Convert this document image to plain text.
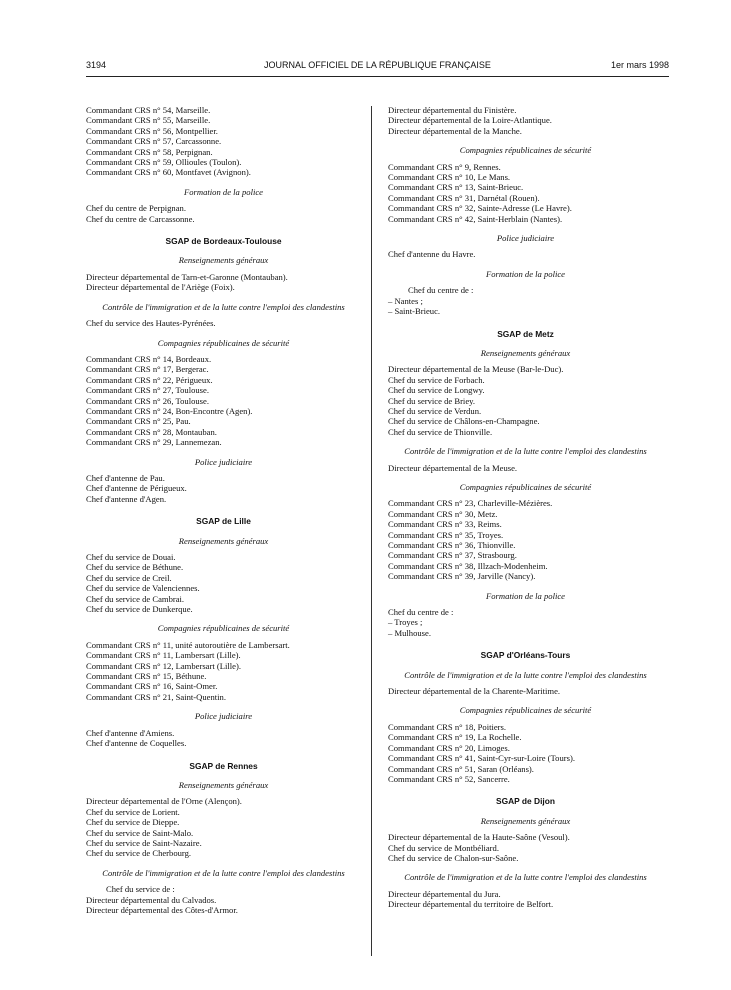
3194	JOURNAL OFFICIEL DE LA RÉPUBLIQUE FRANÇAISE	1er mars 1998
Commandant CRS n° 54, Marseille.
Commandant CRS n° 55, Marseille.
Commandant CRS n° 56, Montpellier.
Commandant CRS n° 57, Carcassonne.
Commandant CRS n° 58, Perpignan.
Commandant CRS n° 59, Ollioules (Toulon).
Commandant CRS n° 60, Montfavet (Avignon).
Formation de la police
Chef du centre de Perpignan.
Chef du centre de Carcassonne.
SGAP de Bordeaux-Toulouse
Renseignements généraux
Directeur départemental de Tarn-et-Garonne (Montauban).
Directeur départemental de l'Ariège (Foix).
Contrôle de l'immigration et de la lutte contre l'emploi des clandestins
Chef du service des Hautes-Pyrénées.
Compagnies républicaines de sécurité
Commandant CRS n° 14, Bordeaux.
Commandant CRS n° 17, Bergerac.
Commandant CRS n° 22, Périgueux.
Commandant CRS n° 27, Toulouse.
Commandant CRS n° 26, Toulouse.
Commandant CRS n° 24, Bon-Encontre (Agen).
Commandant CRS n° 25, Pau.
Commandant CRS n° 28, Montauban.
Commandant CRS n° 29, Lannemezan.
Police judiciaire
Chef d'antenne de Pau.
Chef d'antenne de Périgueux.
Chef d'antenne d'Agen.
SGAP de Lille
Renseignements généraux
Chef du service de Douai.
Chef du service de Béthune.
Chef du service de Creil.
Chef du service de Valenciennes.
Chef du service de Cambrai.
Chef du service de Dunkerque.
Compagnies républicaines de sécurité
Commandant CRS n° 11, unité autoroutière de Lambersart.
Commandant CRS n° 11, Lambersart (Lille).
Commandant CRS n° 12, Lambersart (Lille).
Commandant CRS n° 15, Béthune.
Commandant CRS n° 16, Saint-Omer.
Commandant CRS n° 21, Saint-Quentin.
Police judiciaire
Chef d'antenne d'Amiens.
Chef d'antenne de Coquelles.
SGAP de Rennes
Renseignements généraux
Directeur départemental de l'Orne (Alençon).
Chef du service de Lorient.
Chef du service de Dieppe.
Chef du service de Saint-Malo.
Chef du service de Saint-Nazaire.
Chef du service de Cherbourg.
Contrôle de l'immigration et de la lutte contre l'emploi des clandestins
Chef du service de :
Directeur départemental du Calvados.
Directeur départemental des Côtes-d'Armor.
Directeur départemental du Finistère.
Directeur départemental de la Loire-Atlantique.
Directeur départemental de la Manche.
Compagnies républicaines de sécurité
Commandant CRS n° 9, Rennes.
Commandant CRS n° 10, Le Mans.
Commandant CRS n° 13, Saint-Brieuc.
Commandant CRS n° 31, Darnétal (Rouen).
Commandant CRS n° 32, Sainte-Adresse (Le Havre).
Commandant CRS n° 42, Saint-Herblain (Nantes).
Police judiciaire
Chef d'antenne du Havre.
Formation de la police
Chef du centre de :
– Nantes ;
– Saint-Brieuc.
SGAP de Metz
Renseignements généraux
Directeur départemental de la Meuse (Bar-le-Duc).
Chef du service de Forbach.
Chef du service de Longwy.
Chef du service de Briey.
Chef du service de Verdun.
Chef du service de Châlons-en-Champagne.
Chef du service de Thionville.
Contrôle de l'immigration et de la lutte contre l'emploi des clandestins
Directeur départemental de la Meuse.
Compagnies républicaines de sécurité
Commandant CRS n° 23, Charleville-Mézières.
Commandant CRS n° 30, Metz.
Commandant CRS n° 33, Reims.
Commandant CRS n° 35, Troyes.
Commandant CRS n° 36, Thionville.
Commandant CRS n° 37, Strasbourg.
Commandant CRS n° 38, Illzach-Modenheim.
Commandant CRS n° 39, Jarville (Nancy).
Formation de la police
Chef du centre de :
– Troyes ;
– Mulhouse.
SGAP d'Orléans-Tours
Contrôle de l'immigration et de la lutte contre l'emploi des clandestins
Directeur départemental de la Charente-Maritime.
Compagnies républicaines de sécurité
Commandant CRS n° 18, Poitiers.
Commandant CRS n° 19, La Rochelle.
Commandant CRS n° 20, Limoges.
Commandant CRS n° 41, Saint-Cyr-sur-Loire (Tours).
Commandant CRS n° 51, Saran (Orléans).
Commandant CRS n° 52, Sancerre.
SGAP de Dijon
Renseignements généraux
Directeur départemental de la Haute-Saône (Vesoul).
Chef du service de Montbéliard.
Chef du service de Chalon-sur-Saône.
Contrôle de l'immigration et de la lutte contre l'emploi des clandestins
Directeur départemental du Jura.
Directeur départemental du territoire de Belfort.
